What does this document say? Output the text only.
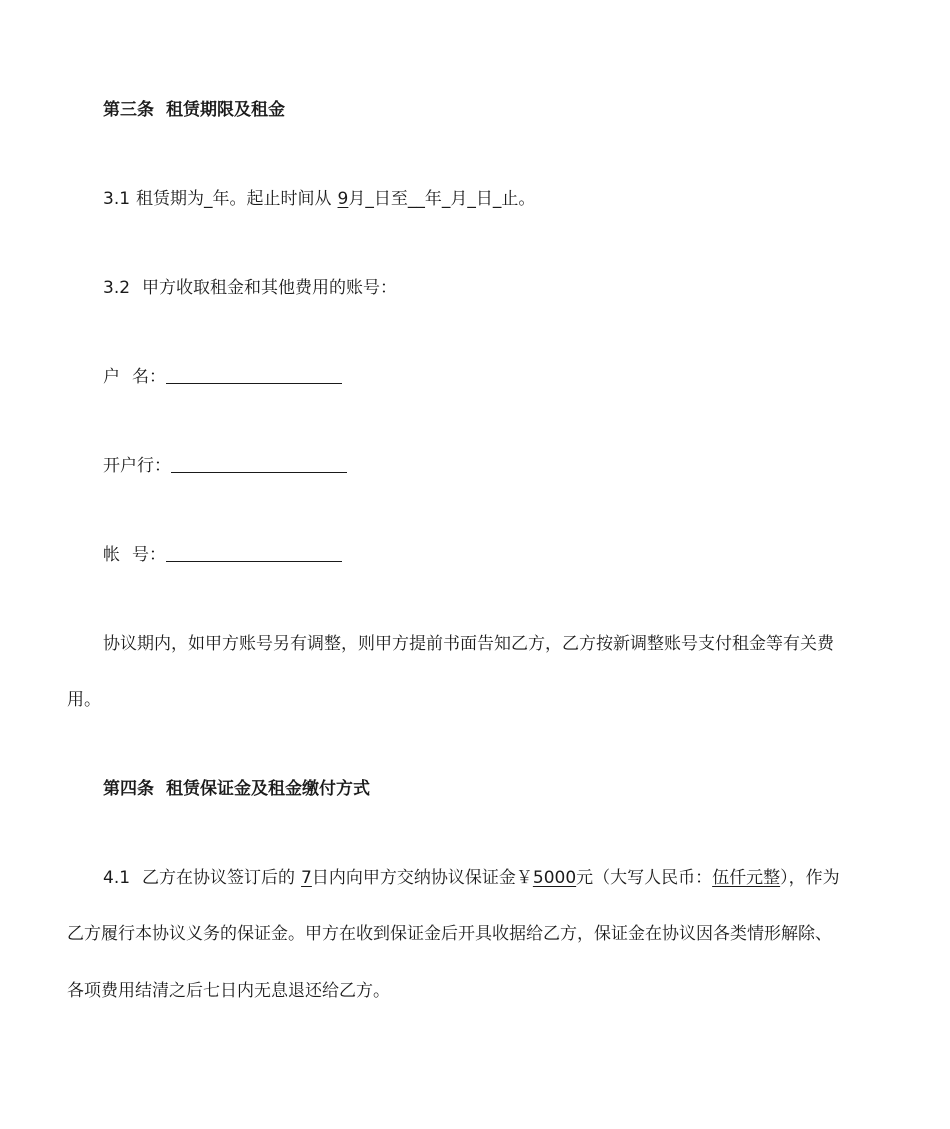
第三条 租赁期限及租金
3.1 租赁期为_年。起止时间从 9月_日至__年_月_日_止。
3.2 甲方收取租金和其他费用的账号：
户 名：
开户行：
帐 号：
协议期内，如甲方账号另有调整，则甲方提前书面告知乙方，乙方按新调整账号支付租金等有关费
用。
第四条 租赁保证金及租金缴付方式
4.1 乙方在协议签订后的 7日内向甲方交纳协议保证金￥5000元（大写人民币：伍仟元整），作为
乙方履行本协议义务的保证金。甲方在收到保证金后开具收据给乙方，保证金在协议因各类情形解除、
各项费用结清之后七日内无息退还给乙方。
